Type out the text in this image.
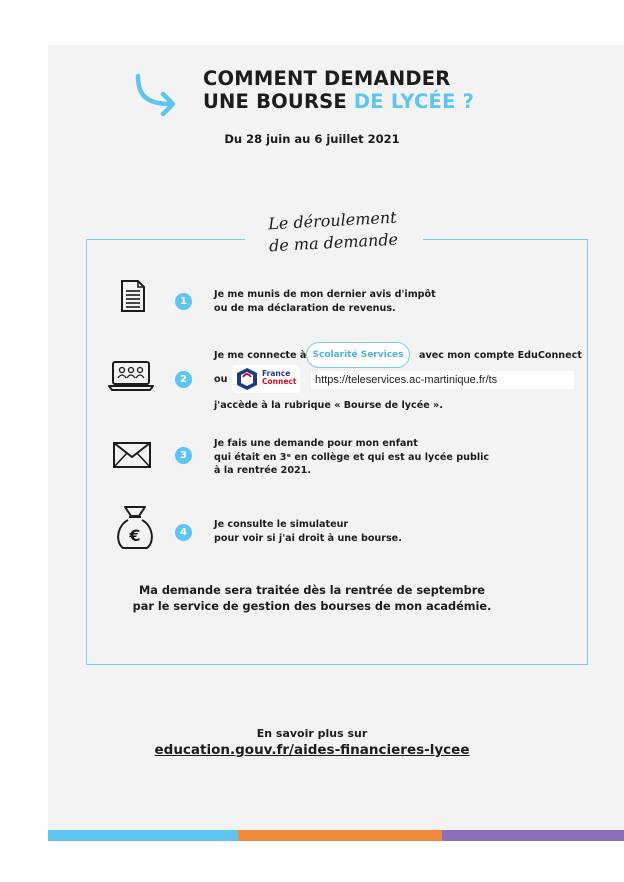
COMMENT DEMANDER
UNE BOURSE DE LYCÉE ?
Du 28 juin au 6 juillet 2021
Le déroulement
de ma demande
1
Je me munis de mon dernier avis d'impôt
ou de ma déclaration de revenus.
2
Je me connecte à Scolarité Services	avec mon compte EduConnect
ou
France
Connect	https://teleservices.ac-martinique.fr/ts
j'accède à la rubrique « Bourse de lycée ».
3
Je fais une demande pour mon enfant
qui était en 3ᵉ en collège et qui est au lycée public
à la rentrée 2021.
€	4
Je consulte le simulateur
pour voir si j'ai droit à une bourse.
Ma demande sera traitée dès la rentrée de septembre
par le service de gestion des bourses de mon académie.
En savoir plus sur
education.gouv.fr/aides-financieres-lycee
